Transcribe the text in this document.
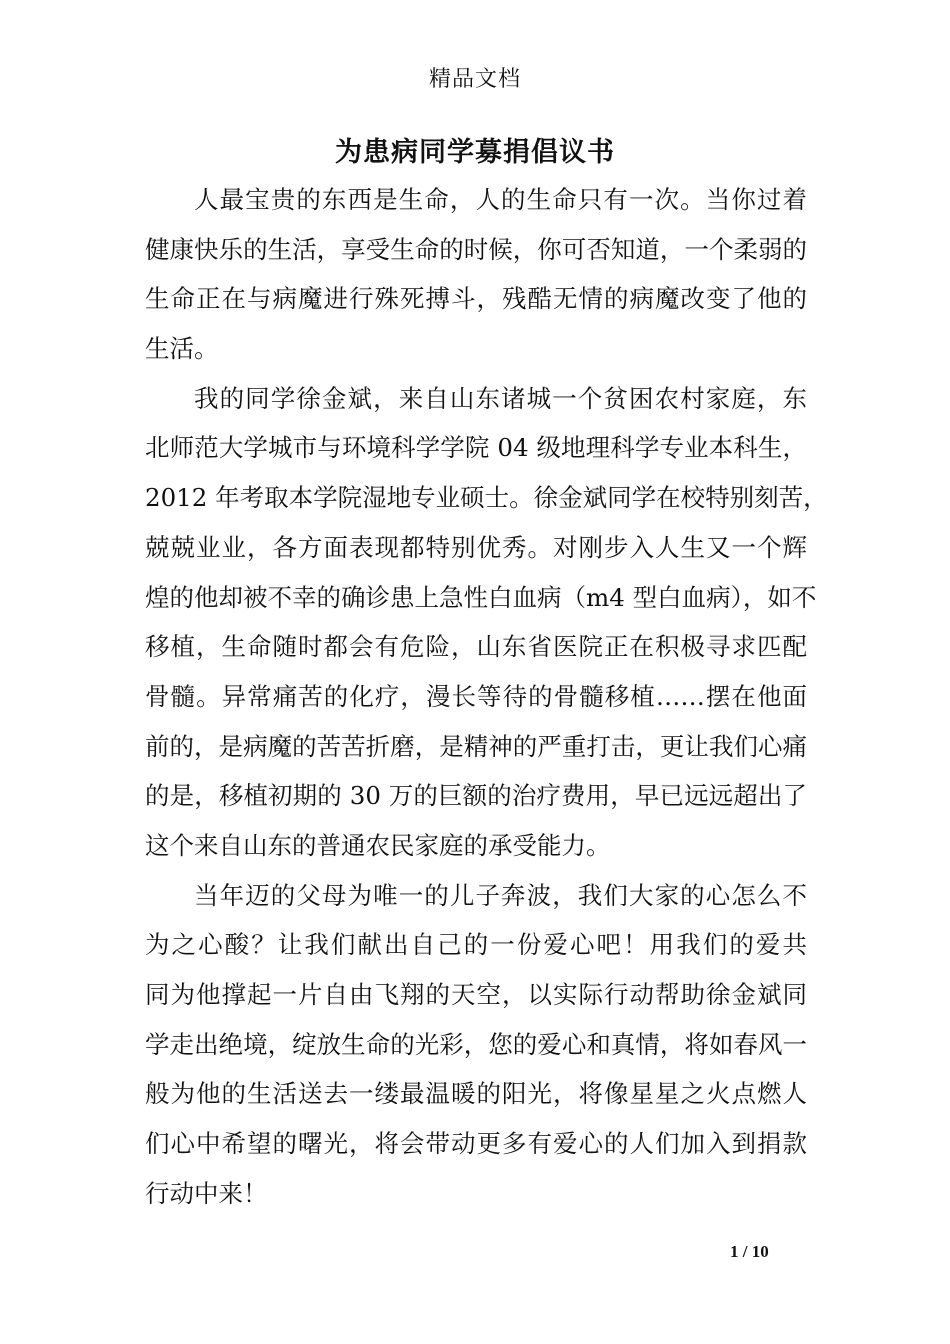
精品文档
为患病同学募捐倡议书

人最宝贵的东西是生命，人的生命只有一次。当你过着
健康快乐的生活，享受生命的时候，你可否知道，一个柔弱的
生命正在与病魔进行殊死搏斗，残酷无情的病魔改变了他的
生活。

我的同学徐金斌，来自山东诸城一个贫困农村家庭，东
北师范大学城市与环境科学学院 04 级地理科学专业本科生，
2012 年考取本学院湿地专业硕士。徐金斌同学在校特别刻苦，
兢兢业业，各方面表现都特别优秀。对刚步入人生又一个辉
煌的他却被不幸的确诊患上急性白血病（m4 型白血病），如不
移植，生命随时都会有危险，山东省医院正在积极寻求匹配
骨髓。异常痛苦的化疗，漫长等待的骨髓移植……摆在他面
前的，是病魔的苦苦折磨，是精神的严重打击，更让我们心痛
的是，移植初期的 30 万的巨额的治疗费用，早已远远超出了
这个来自山东的普通农民家庭的承受能力。

当年迈的父母为唯一的儿子奔波，我们大家的心怎么不
为之心酸？让我们献出自己的一份爱心吧！用我们的爱共
同为他撑起一片自由飞翔的天空，以实际行动帮助徐金斌同
学走出绝境，绽放生命的光彩，您的爱心和真情，将如春风一
般为他的生活送去一缕最温暖的阳光，将像星星之火点燃人
们心中希望的曙光，将会带动更多有爱心的人们加入到捐款
行动中来！

1 / 10
